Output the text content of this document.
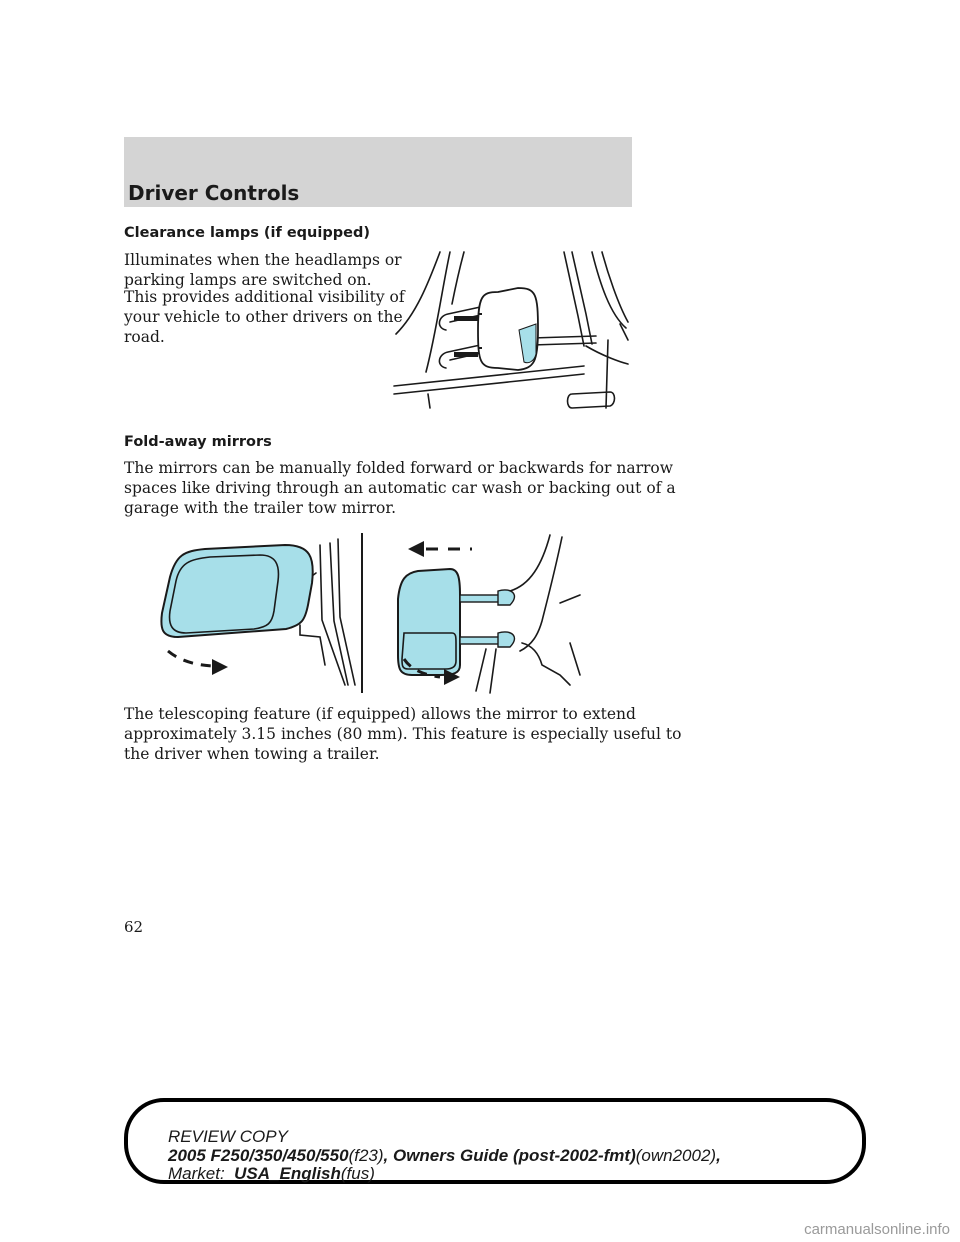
Driver Controls
Clearance lamps (if equipped)
Illuminates when the headlamps or
parking lamps are switched on.
This provides additional visibility of
your vehicle to other drivers on the
road.
Fold-away mirrors
The mirrors can be manually folded forward or backwards for narrow
spaces like driving through an automatic car wash or backing out of a
garage with the trailer tow mirror.
The telescoping feature (if equipped) allows the mirror to extend
approximately 3.15 inches (80 mm). This feature is especially useful to
the driver when towing a trailer.
62
REVIEW COPY
2005 F250/350/450/550(f23), Owners Guide (post-2002-fmt)(own2002),
Market: USA_English(fus)
carmanualsonline.info
